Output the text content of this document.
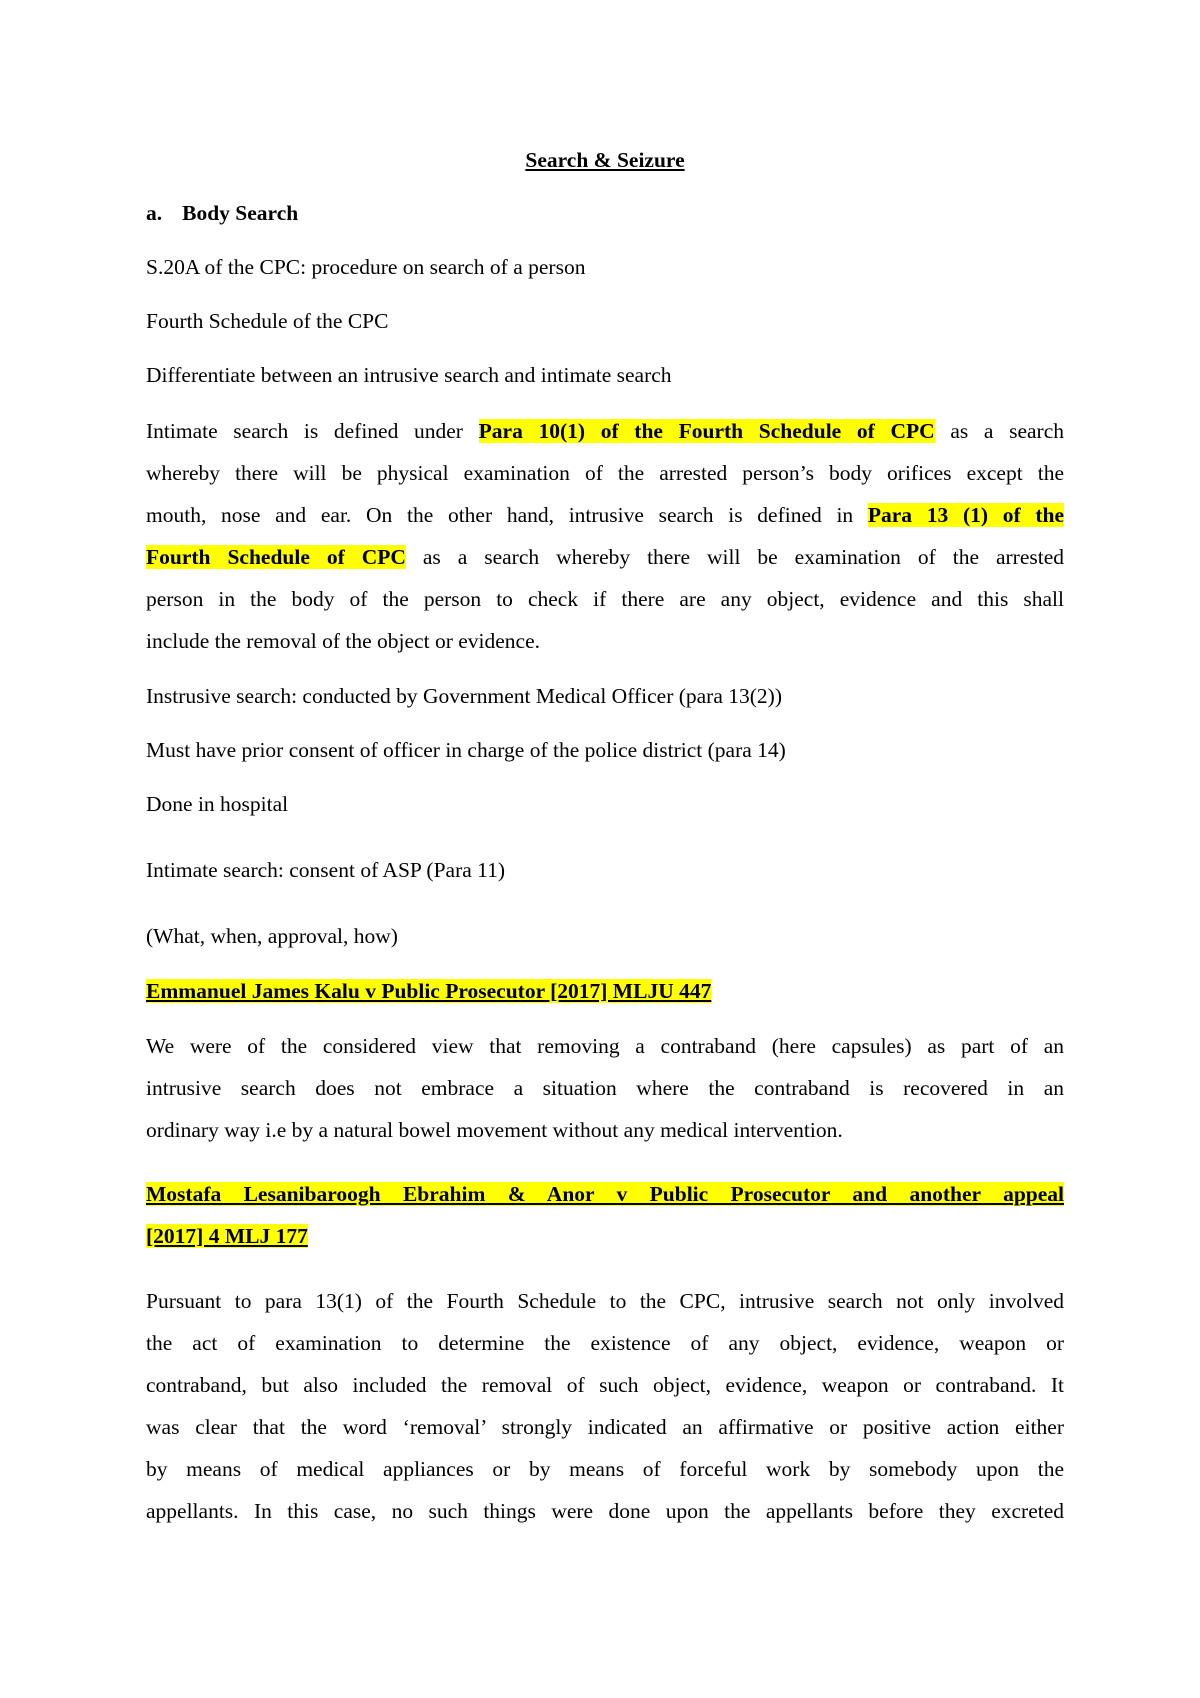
Search & Seizure
a. Body Search
S.20A of the CPC: procedure on search of a person
Fourth Schedule of the CPC
Differentiate between an intrusive search and intimate search
Intimate search is defined under Para 10(1) of the Fourth Schedule of CPC as a search
whereby there will be physical examination of the arrested person’s body orifices except the
mouth, nose and ear. On the other hand, intrusive search is defined in Para 13 (1) of the
Fourth Schedule of CPC as a search whereby there will be examination of the arrested
person in the body of the person to check if there are any object, evidence and this shall
include the removal of the object or evidence.
Instrusive search: conducted by Government Medical Officer (para 13(2))
Must have prior consent of officer in charge of the police district (para 14)
Done in hospital
Intimate search: consent of ASP (Para 11)
(What, when, approval, how)
Emmanuel James Kalu v Public Prosecutor [2017] MLJU 447
We were of the considered view that removing a contraband (here capsules) as part of an
intrusive search does not embrace a situation where the contraband is recovered in an
ordinary way i.e by a natural bowel movement without any medical intervention.
Mostafa Lesanibaroogh Ebrahim & Anor v Public Prosecutor and another appeal
[2017] 4 MLJ 177
Pursuant to para 13(1) of the Fourth Schedule to the CPC, intrusive search not only involved
the act of examination to determine the existence of any object, evidence, weapon or
contraband, but also included the removal of such object, evidence, weapon or contraband. It
was clear that the word ‘removal’ strongly indicated an affirmative or positive action either
by means of medical appliances or by means of forceful work by somebody upon the
appellants. In this case, no such things were done upon the appellants before they excreted
